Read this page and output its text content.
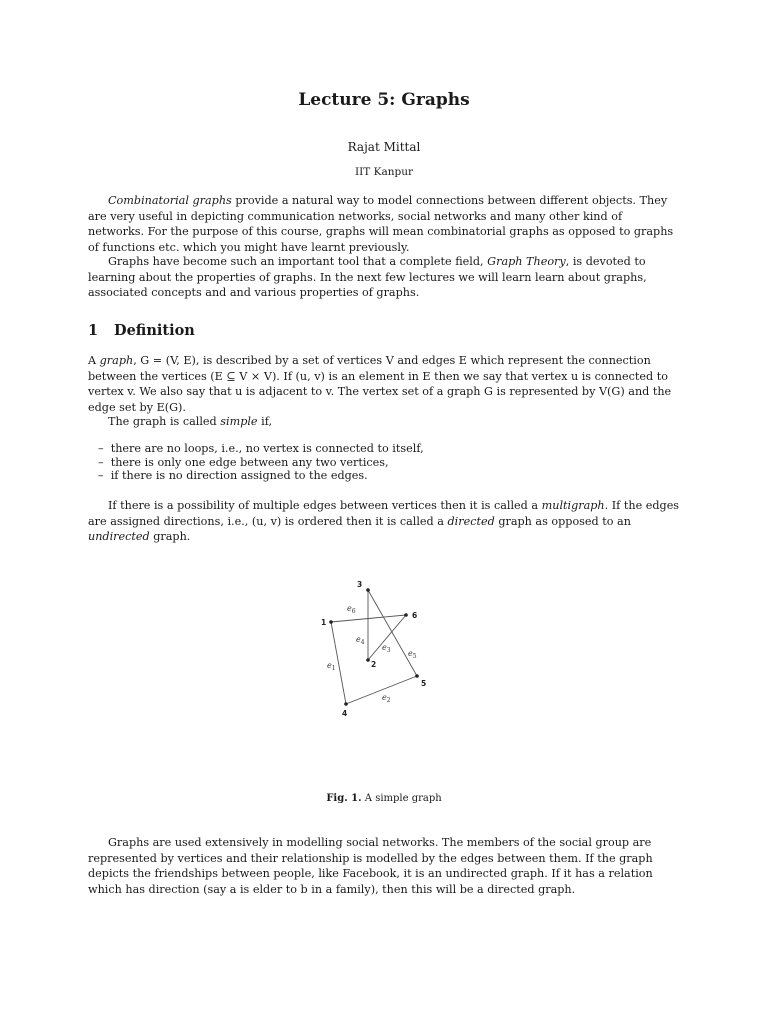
Lecture 5: Graphs
Rajat Mittal
IIT Kanpur

Combinatorial graphs provide a natural way to model connections between different objects. They are very useful in depicting communication networks, social networks and many other kind of networks. For the purpose of this course, graphs will mean combinatorial graphs as opposed to graphs of functions etc. which you might have learnt previously.

Graphs have become such an important tool that a complete field, Graph Theory, is devoted to learning about the properties of graphs. In the next few lectures we will learn learn about graphs, associated concepts and and various properties of graphs.

1 Definition

A graph, G = (V, E), is described by a set of vertices V and edges E which represent the connection between the vertices (E ⊆ V × V). If (u, v) is an element in E then we say that vertex u is connected to vertex v. We also say that u is adjacent to v. The vertex set of a graph G is represented by V(G) and the edge set by E(G).

The graph is called simple if,

–  there are no loops, i.e., no vertex is connected to itself,
–  there is only one edge between any two vertices,
–  if there is no direction assigned to the edges.

If there is a possibility of multiple edges between vertices then it is called a multigraph. If the edges are assigned directions, i.e., (u, v) is ordered then it is called a directed graph as opposed to an undirected graph.

$e_1$
$e_2$
$e_3$
$e_4$
$e_5$
$e_6$
1
2
3
4
5
6
Fig. 1. A simple graph

Graphs are used extensively in modelling social networks. The members of the social group are represented by vertices and their relationship is modelled by the edges between them. If the graph depicts the friendships between people, like Facebook, it is an undirected graph. If it has a relation which has direction (say a is elder to b in a family), then this will be a directed graph.
